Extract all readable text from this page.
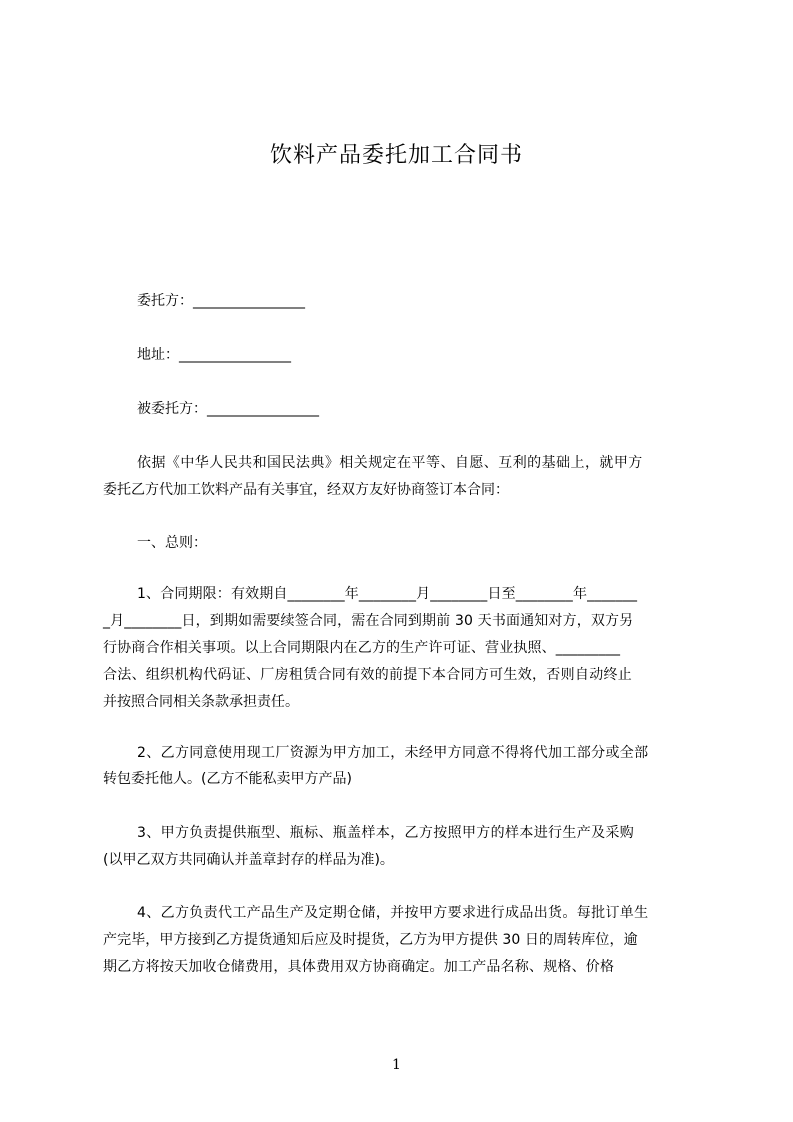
饮料产品委托加工合同书
委托方：________________
地址：________________
被委托方：________________
依据《中华人民共和国民法典》相关规定在平等、自愿、互利的基础上，就甲方
委托乙方代加工饮料产品有关事宜，经双方友好协商签订本合同：
一、总则：
1、合同期限：有效期自________年________月________日至________年_______
_月________日，到期如需要续签合同，需在合同到期前 30 天书面通知对方，双方另
行协商合作相关事项。以上合同期限内在乙方的生产许可证、营业执照、_________
合法、组织机构代码证、厂房租赁合同有效的前提下本合同方可生效，否则自动终止
并按照合同相关条款承担责任。
2、乙方同意使用现工厂资源为甲方加工，未经甲方同意不得将代加工部分或全部
转包委托他人。(乙方不能私卖甲方产品)
3、甲方负责提供瓶型、瓶标、瓶盖样本，乙方按照甲方的样本进行生产及采购
(以甲乙双方共同确认并盖章封存的样品为准)。
4、乙方负责代工产品生产及定期仓储，并按甲方要求进行成品出货。每批订单生
产完毕，甲方接到乙方提货通知后应及时提货，乙方为甲方提供 30 日的周转库位，逾
期乙方将按天加收仓储费用，具体费用双方协商确定。加工产品名称、规格、价格
1
